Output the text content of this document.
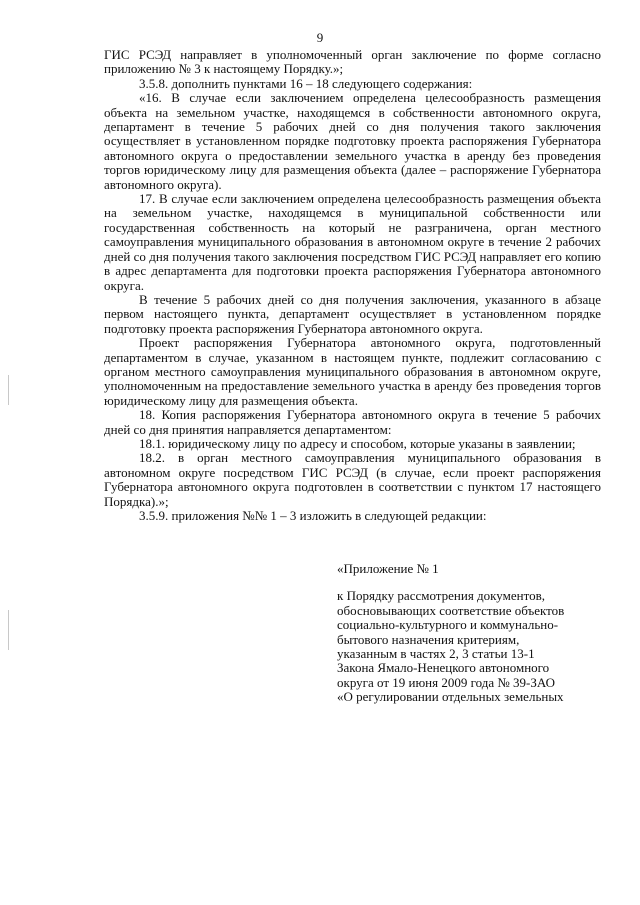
9

ГИС РСЭД направляет в уполномоченный орган заключение по форме согласно приложению № 3 к настоящему Порядку.»;

3.5.8. дополнить пунктами 16 – 18 следующего содержания:

«16. В случае если заключением определена целесообразность размещения объекта на земельном участке, находящемся в собственности автономного округа, департамент в течение 5 рабочих дней со дня получения такого заключения осуществляет в установленном порядке подготовку проекта распоряжения Губернатора автономного округа о предоставлении земельного участка в аренду без проведения торгов юридическому лицу для размещения объекта (далее – распоряжение Губернатора автономного округа).

17. В случае если заключением определена целесообразность размещения объекта на земельном участке, находящемся в муниципальной собственности или государственная собственность на который не разграничена, орган местного самоуправления муниципального образования в автономном округе в течение 2 рабочих дней со дня получения такого заключения посредством ГИС РСЭД направляет его копию в адрес департамента для подготовки проекта распоряжения Губернатора автономного округа.

В течение 5 рабочих дней со дня получения заключения, указанного в абзаце первом настоящего пункта, департамент осуществляет в установленном порядке подготовку проекта распоряжения Губернатора автономного округа.

Проект распоряжения Губернатора автономного округа, подготовленный департаментом в случае, указанном в настоящем пункте, подлежит согласованию с органом местного самоуправления муниципального образования в автономном округе, уполномоченным на предоставление земельного участка в аренду без проведения торгов юридическому лицу для размещения объекта.

18. Копия распоряжения Губернатора автономного округа в течение 5 рабочих дней со дня принятия направляется департаментом:

18.1. юридическому лицу по адресу и способом, которые указаны в заявлении;

18.2. в орган местного самоуправления муниципального образования в автономном округе посредством ГИС РСЭД (в случае, если проект распоряжения Губернатора автономного округа подготовлен в соответствии с пунктом 17 настоящего Порядка).»;

3.5.9. приложения №№ 1 – 3 изложить в следующей редакции:

«Приложение № 1

к Порядку рассмотрения документов,

обосновывающих соответствие объектов

социально-культурного и коммунально-

бытового назначения критериям,

указанным в частях 2, 3 статьи 13-1

Закона Ямало-Ненецкого автономного

округа от 19 июня 2009 года № 39-ЗАО

«О регулировании отдельных земельных
